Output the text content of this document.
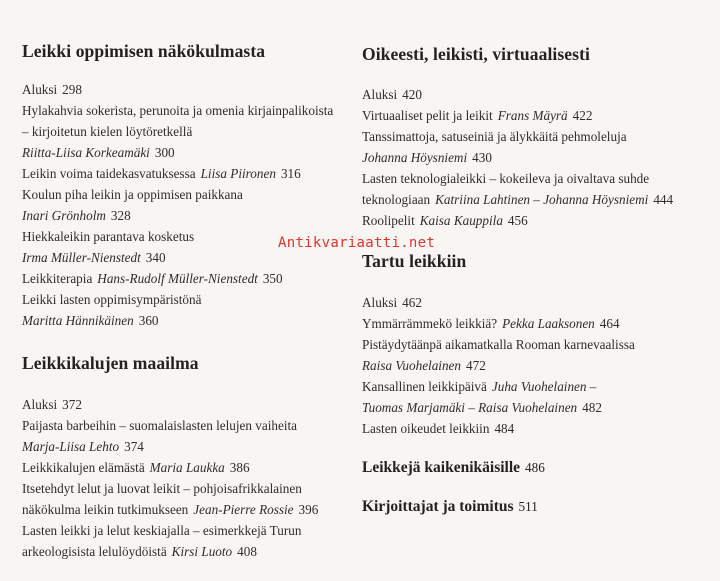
Leikki oppimisen näkökulmasta
Aluksi 298
Hylakahvia sokerista, perunoita ja omenia kirjainpalikoista
– kirjoitetun kielen löytöretkellä
Riitta-Liisa Korkeamäki 300
Leikin voima taidekasvatuksessa Liisa Piironen 316
Koulun piha leikin ja oppimisen paikkana
Inari Grönholm 328
Hiekkaleikin parantava kosketus
Irma Müller-Nienstedt 340
Leikkiterapia Hans-Rudolf Müller-Nienstedt 350
Leikki lasten oppimisympäristönä
Maritta Hännikäinen 360
Leikkikalujen maailma
Aluksi 372
Paijasta barbeihin – suomalaislasten lelujen vaiheita
Marja-Liisa Lehto 374
Leikkikalujen elämästä Maria Laukka 386
Itsetehdyt lelut ja luovat leikit – pohjoisafrikkalainen
näkökulma leikin tutkimukseen Jean-Pierre Rossie 396
Lasten leikki ja lelut keskiajalla – esimerkkejä Turun
arkeologisista lelulöydöistä Kirsi Luoto 408
Oikeesti, leikisti, virtuaalisesti
Aluksi 420
Virtuaaliset pelit ja leikit Frans Mäyrä 422
Tanssimattoja, satuseiniä ja älykkäitä pehmoleluja
Johanna Höysniemi 430
Lasten teknologialeikki – kokeileva ja oivaltava suhde
teknologiaan Katriina Lahtinen – Johanna Höysniemi 444
Roolipelit Kaisa Kauppila 456
Tartu leikkiin
Aluksi 462
Ymmärrämmekö leikkiä? Pekka Laaksonen 464
Pistäydytäänpä aikamatkalla Rooman karnevaalissa
Raisa Vuohelainen 472
Kansallinen leikkipäivä Juha Vuohelainen –
Tuomas Marjamäki – Raisa Vuohelainen 482
Lasten oikeudet leikkiin 484
Leikkejä kaikenikäisille 486
Kirjoittajat ja toimitus 511
Antikvariaatti.net
